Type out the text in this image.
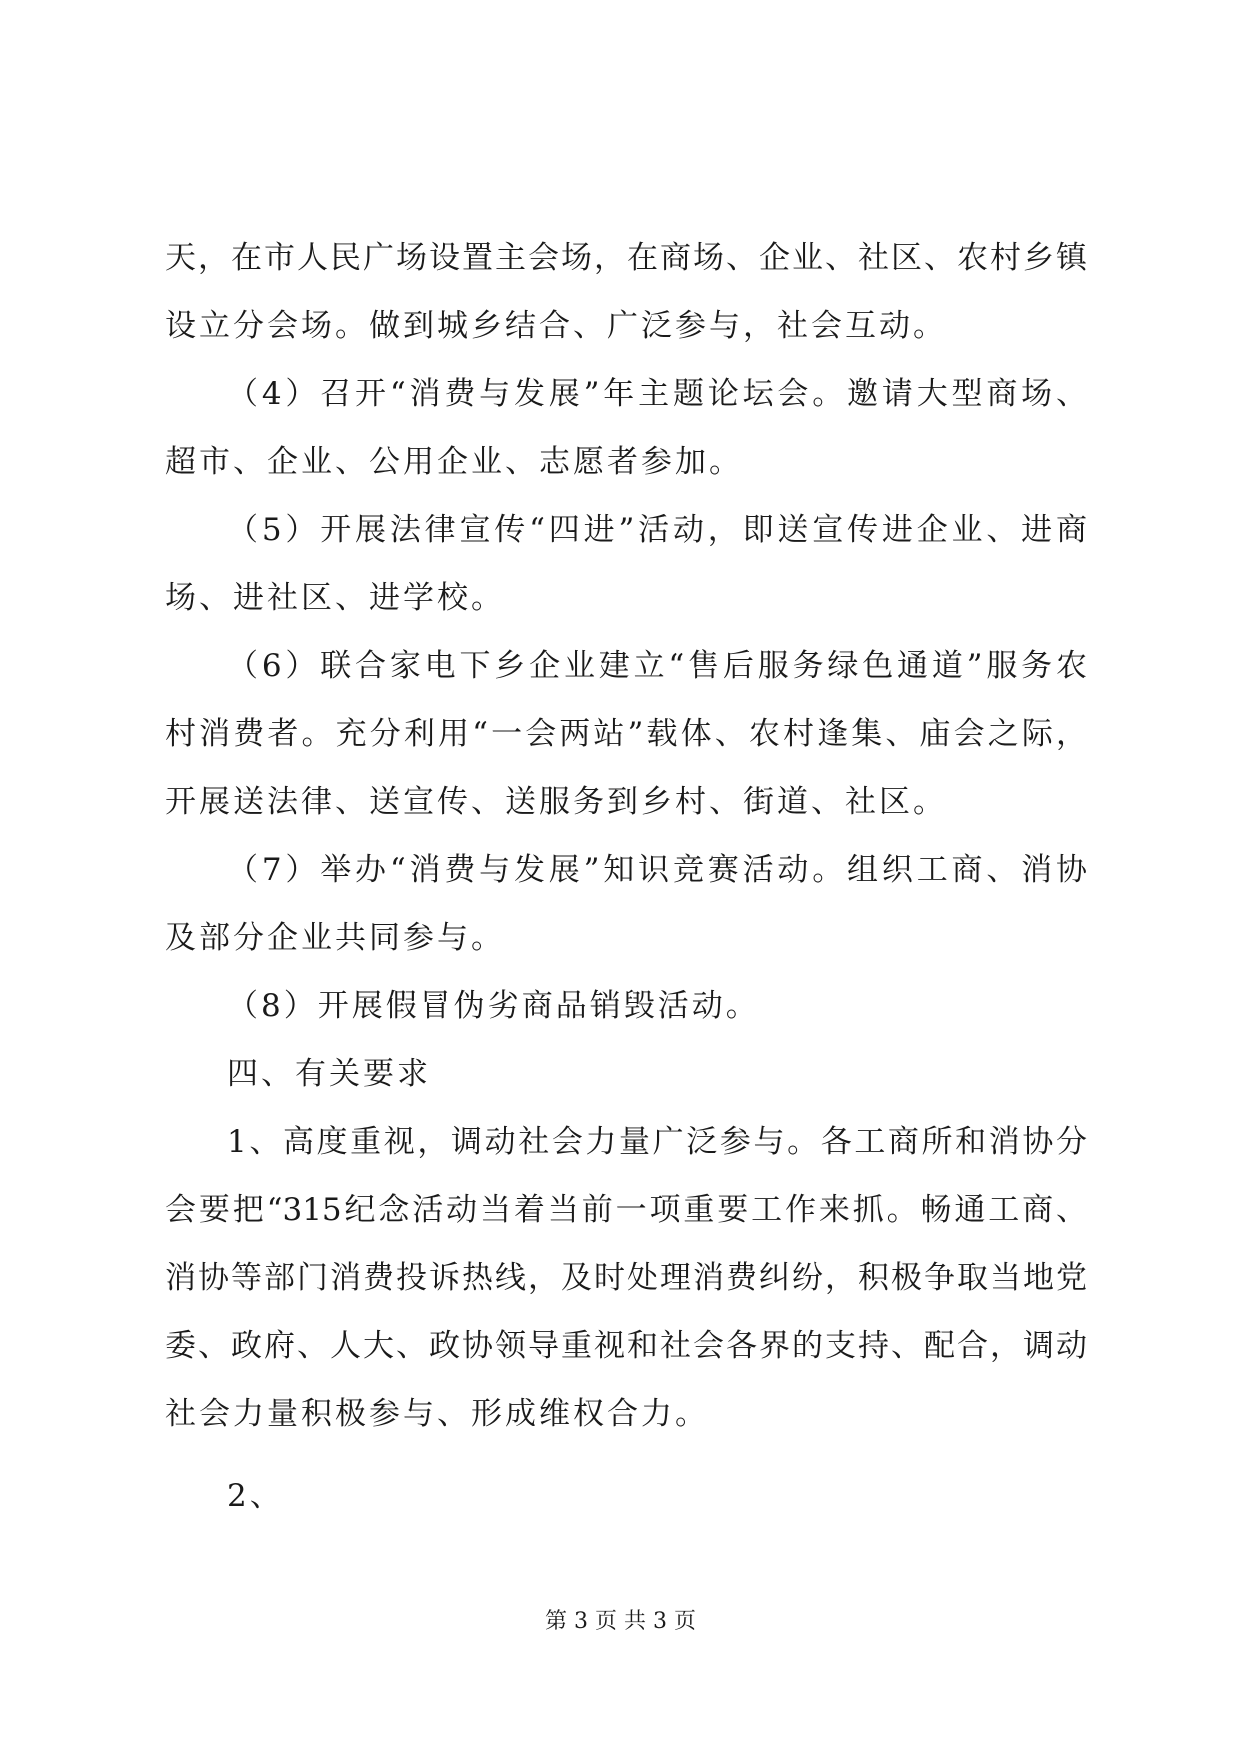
天，在市人民广场设置主会场，在商场、企业、社区、农村乡镇
设立分会场。做到城乡结合、广泛参与，社会互动。
（4）召开“消费与发展”年主题论坛会。邀请大型商场、
超市、企业、公用企业、志愿者参加。
（5）开展法律宣传“四进”活动，即送宣传进企业、进商
场、进社区、进学校。
（6）联合家电下乡企业建立“售后服务绿色通道”服务农
村消费者。充分利用“一会两站”载体、农村逢集、庙会之际，
开展送法律、送宣传、送服务到乡村、街道、社区。
（7）举办“消费与发展”知识竞赛活动。组织工商、消协
及部分企业共同参与。
（8）开展假冒伪劣商品销毁活动。
四、有关要求
1、高度重视，调动社会力量广泛参与。各工商所和消协分
会要把“315纪念活动当着当前一项重要工作来抓。畅通工商、
消协等部门消费投诉热线，及时处理消费纠纷，积极争取当地党
委、政府、人大、政协领导重视和社会各界的支持、配合，调动
社会力量积极参与、形成维权合力。
2、
第 3 页 共 3 页
